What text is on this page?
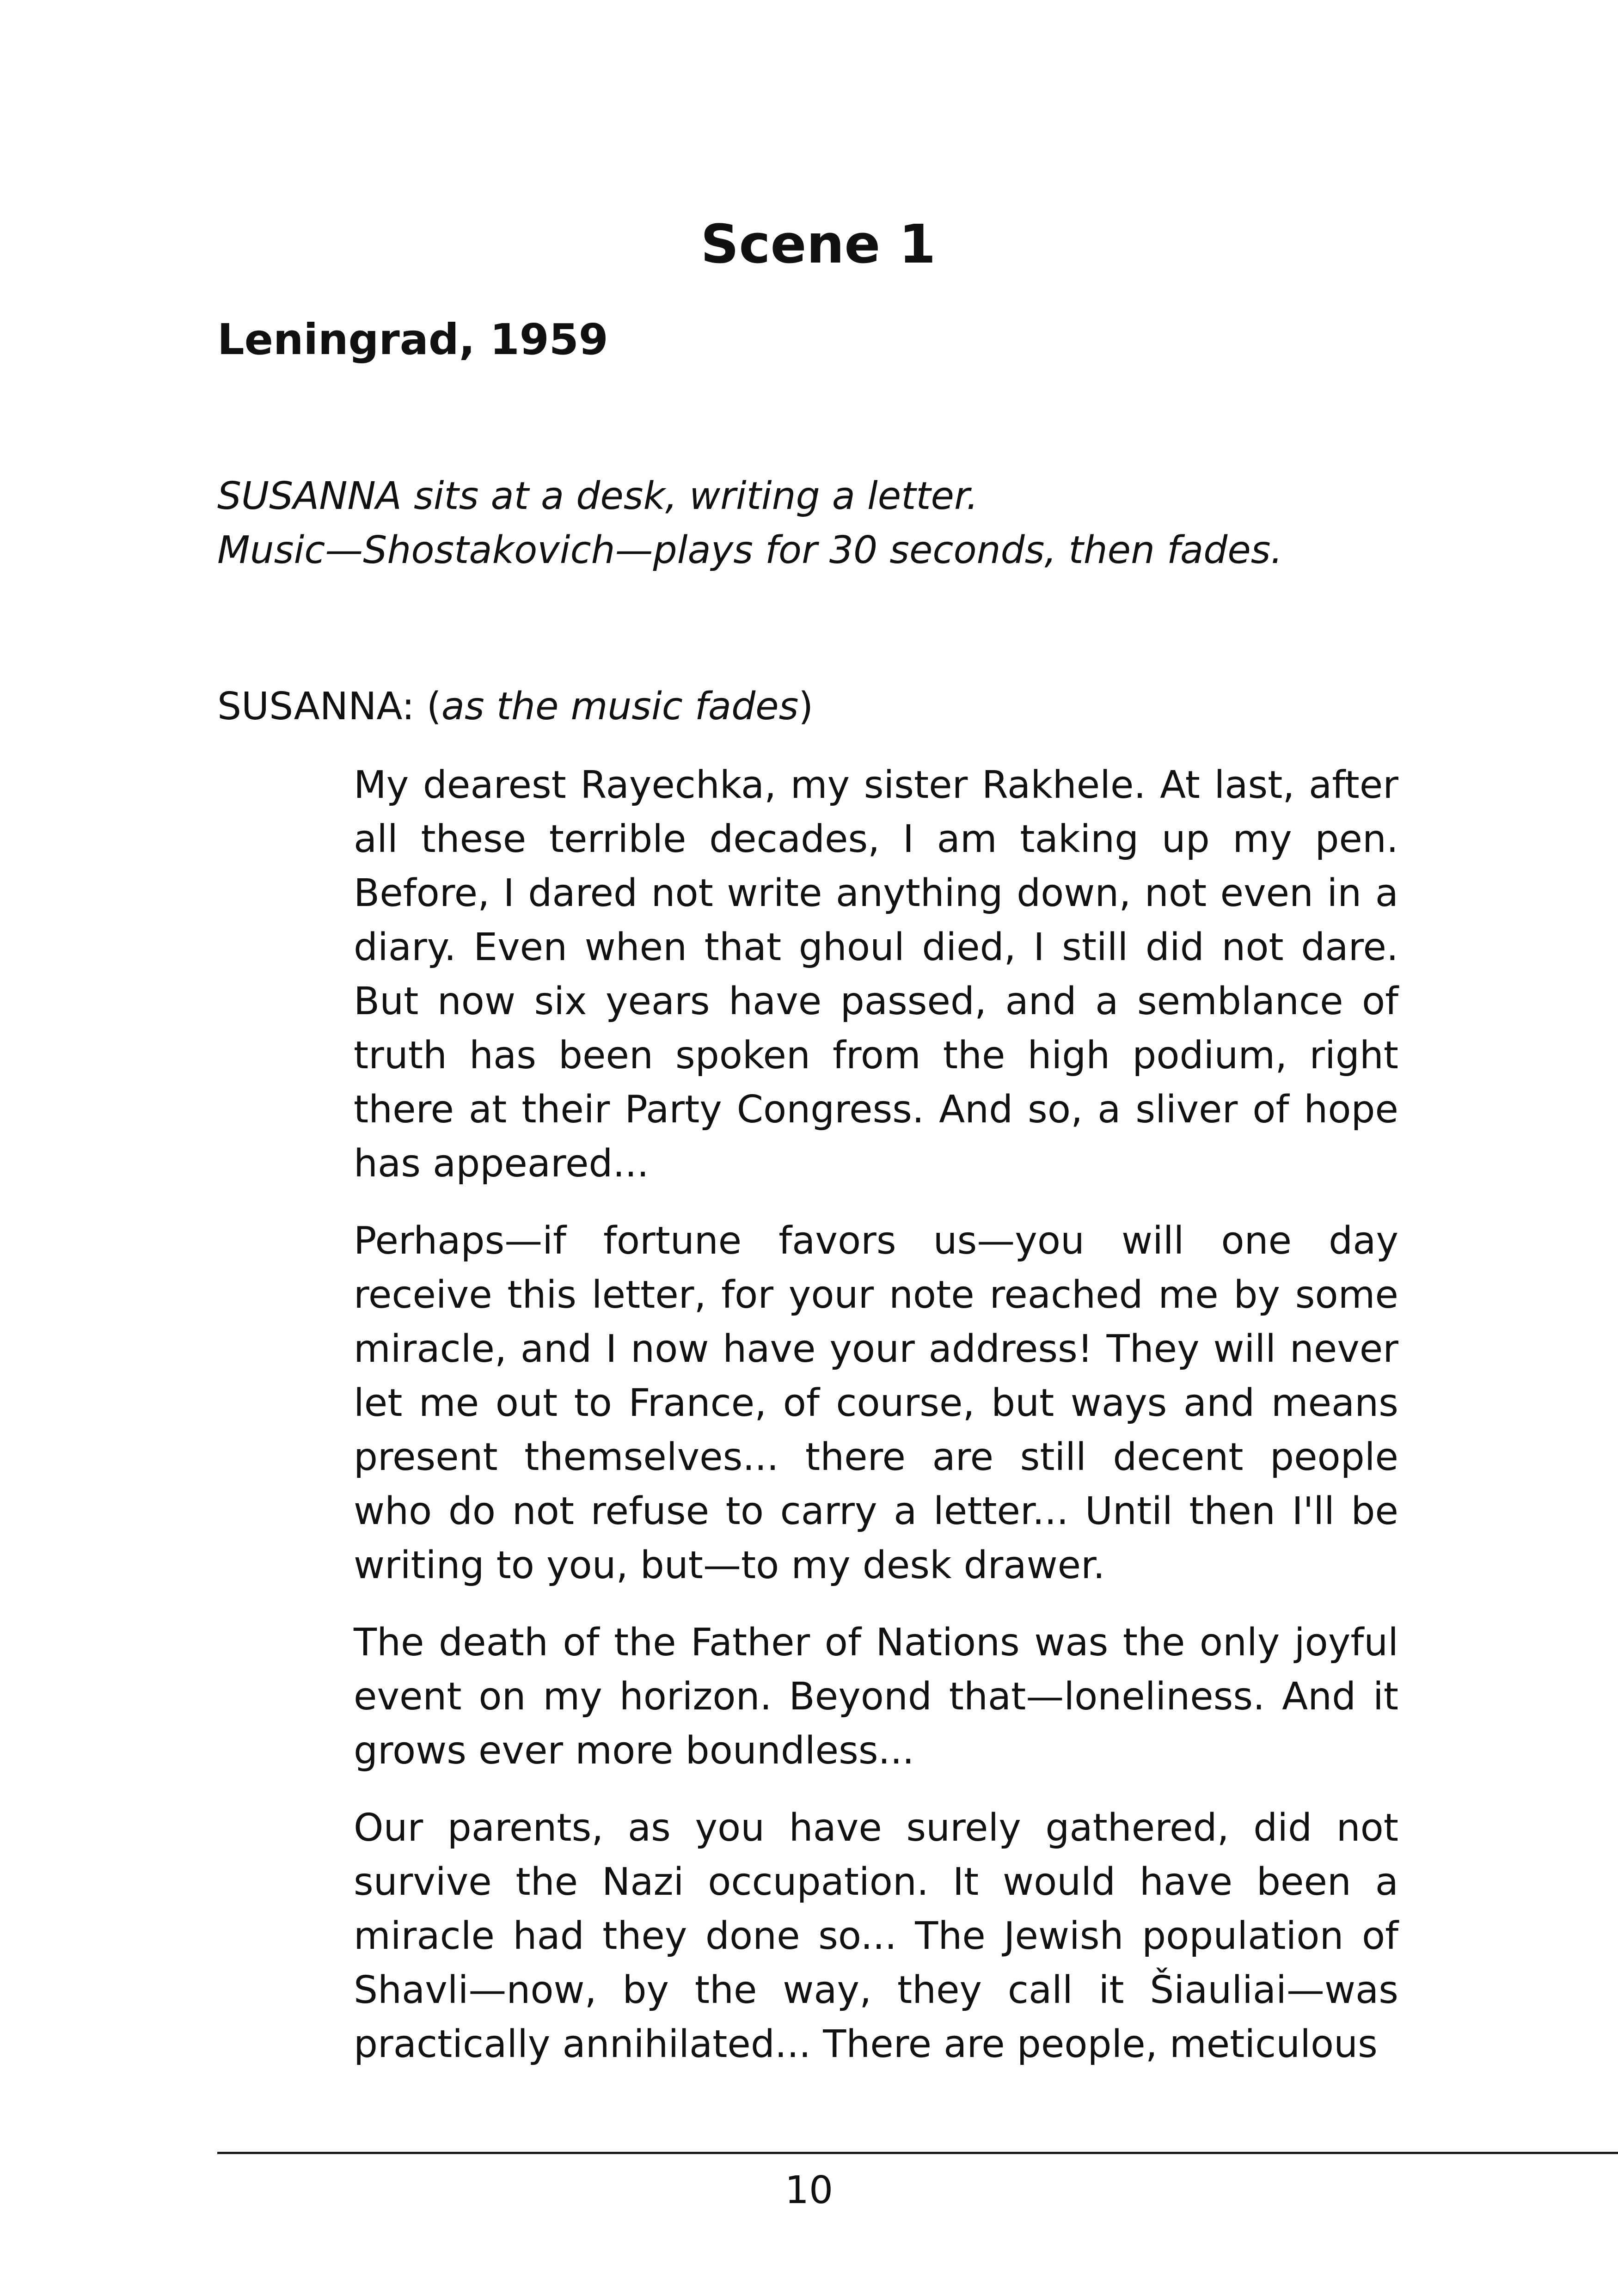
Scene 1
Leningrad, 1959
SUSANNA sits at a desk, writing a letter.
Music—Shostakovich—plays for 30 seconds, then fades.
SUSANNA: (as the music fades)

My dearest Rayechka, my sister Rakhele. At last, after all these terrible decades, I am taking up my pen. Before, I dared not write anything down, not even in a diary. Even when that ghoul died, I still did not dare. But now six years have passed, and a semblance of truth has been spoken from the high podium, right there at their Party Congress. And so, a sliver of hope has appeared...

Perhaps—if fortune favors us—you will one day receive this letter, for your note reached me by some miracle, and I now have your address! They will never let me out to France, of course, but ways and means present themselves... there are still decent people who do not refuse to carry a letter... Until then I'll be writing to you, but—to my desk drawer.

The death of the Father of Nations was the only joyful event on my horizon. Beyond that—loneliness. And it grows ever more boundless...

Our parents, as you have surely gathered, did not survive the Nazi occupation. It would have been a miracle had they done so... The Jewish population of Shavli—now, by the way, they call it Šiauliai—was practically annihilated... There are people, meticulous

10
